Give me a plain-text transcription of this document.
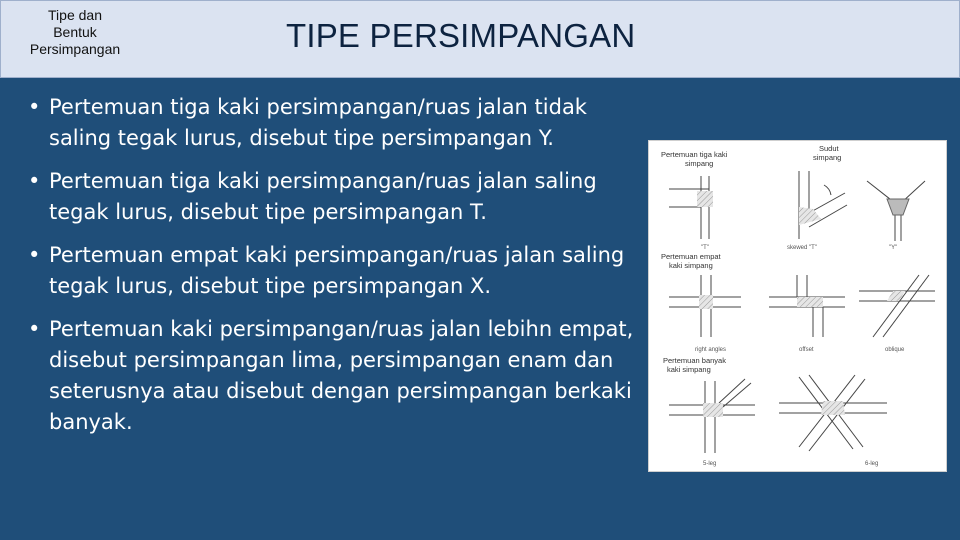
Tipe dan
Bentuk
Persimpangan	TIPE PERSIMPANGAN
• Pertemuan tiga kaki persimpangan/ruas jalan tidak saling tegak lurus, disebut tipe persimpangan Y.
• Pertemuan tiga kaki persimpangan/ruas jalan saling tegak lurus, disebut tipe persimpangan T.
• Pertemuan empat kaki persimpangan/ruas jalan saling tegak lurus, disebut tipe persimpangan X.
• Pertemuan kaki persimpangan/ruas jalan lebihn empat, disebut persimpangan lima, persimpangan enam dan seterusnya atau disebut dengan persimpangan berkaki banyak.
Pertemuan tiga kaki
simpang
Sudut
simpang
"T"	skewed "T"	"Y"
Pertemuan empat
kaki simpang
right angles	offset	oblique
Pertemuan banyak
kaki simpang
5-leg	6-leg
